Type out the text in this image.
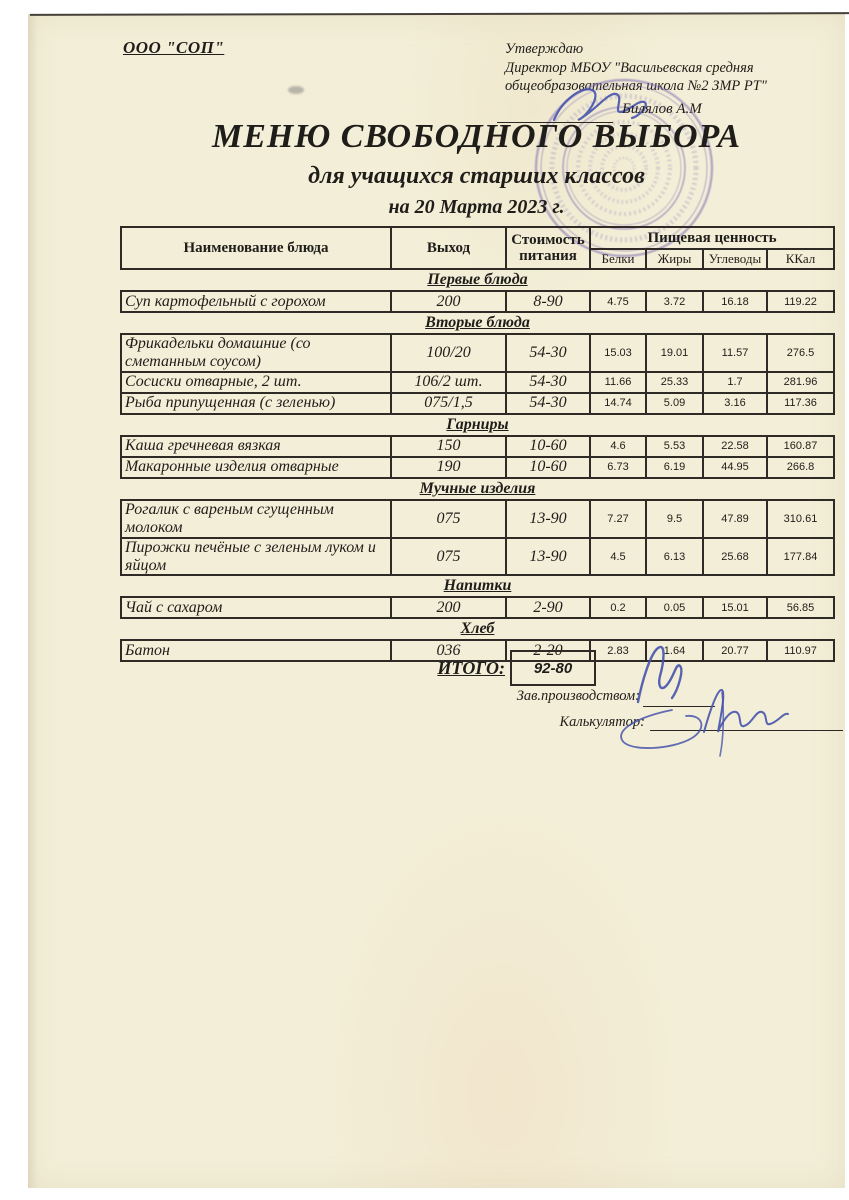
ООО "СОП"	Утверждаю
Директор МБОУ "Васильевская средняя
общеобразовательная школа №2 ЗМР РТ"
Билялов А.М
МЕНЮ СВОБОДНОГО ВЫБОРА
для учащихся старших классов
на 20 Марта 2023 г.
Наименование блюда	Выход	Стоимость питания	Пищевая ценность			
			Белки	Жиры	Углеводы	ККал
Первые блюда						
Суп картофельный с горохом	200	8-90	4.75	3.72	16.18	119.22
Вторые блюда						
Фрикадельки домашние (со сметанным соусом)	100/20	54-30	15.03	19.01	11.57	276.5
Сосиски отварные, 2 шт.	106/2 шт.	54-30	11.66	25.33	1.7	281.96
Рыба припущенная (с зеленью)	075/1,5	54-30	14.74	5.09	3.16	117.36
Гарниры						
Каша гречневая вязкая	150	10-60	4.6	5.53	22.58	160.87
Макаронные изделия отварные	190	10-60	6.73	6.19	44.95	266.8
Мучные изделия						
Рогалик с вареным сгущенным молоком	075	13-90	7.27	9.5	47.89	310.61
Пирожки печёные с зеленым луком и яйцом	075	13-90	4.5	6.13	25.68	177.84
Напитки						
Чай с сахаром	200	2-90	0.2	0.05	15.01	56.85
Хлеб						
Батон	036	2-20	2.83	1.64	20.77	110.97
ИТОГО: 92-80
Зав.производством:
Калькулятор:
